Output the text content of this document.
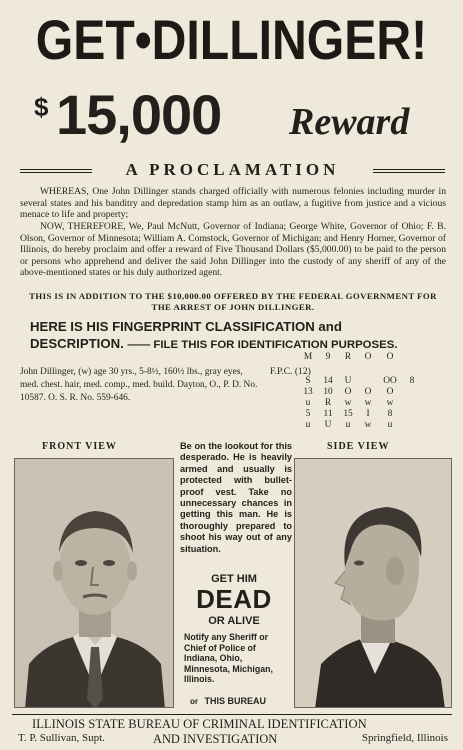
GET•DILLINGER!
$ 15,000 Reward
A PROCLAMATION

WHEREAS, One John Dillinger stands charged officially with numerous felonies including murder in several states and his banditry and depredation stamp him as an outlaw, a fugitive from justice and a vicious menace to life and property;

NOW, THEREFORE, We, Paul McNutt, Governor of Indiana; George White, Governor of Ohio; F. B. Olson, Governor of Minnesota; William A. Comstock, Governor of Michigan; and Henry Horner, Governor of Illinois, do hereby proclaim and offer a reward of Five Thousand Dollars ($5,000.00) to be paid to the person or persons who apprehend and deliver the said John Dillinger into the custody of any sheriff of any of the above-mentioned states or his duly authorized agent.

THIS IS IN ADDITION TO THE $10,000.00 OFFERED BY THE FEDERAL GOVERNMENT FOR THE ARREST OF JOHN DILLINGER.
HERE IS HIS FINGERPRINT CLASSIFICATION and
DESCRIPTION. —— FILE THIS FOR IDENTIFICATION PURPOSES.
John Dillinger, (w) age 30 yrs., 5-8½, 160½ lbs., gray eyes, med. chest. hair, med. comp., med. build. Dayton, O., P. D. No. 10587. O. S. R. No. 559-646.
F.P.C. (12)
M	9	R	O	O
S	14	U	OO	8
13	10	O	O	O
u	R	w	w	w
5	11	15	I	8
u	U	u	w	u
FRONT VIEW	SIDE VIEW
Be on the lookout for this desperado. He is heavily armed and usually is protected with bullet-proof vest. Take no unnecessary chances in getting this man. He is thoroughly prepared to shoot his way out of any situation.
GET HIM
DEAD
OR ALIVE
Notify any Sheriff or Chief of Police of Indiana, Ohio, Minnesota, Michigan, Illinois.
or THIS BUREAU
ILLINOIS STATE BUREAU OF CRIMINAL IDENTIFICATION
T. P. Sullivan, Supt.	AND INVESTIGATION	Springfield, Illinois
